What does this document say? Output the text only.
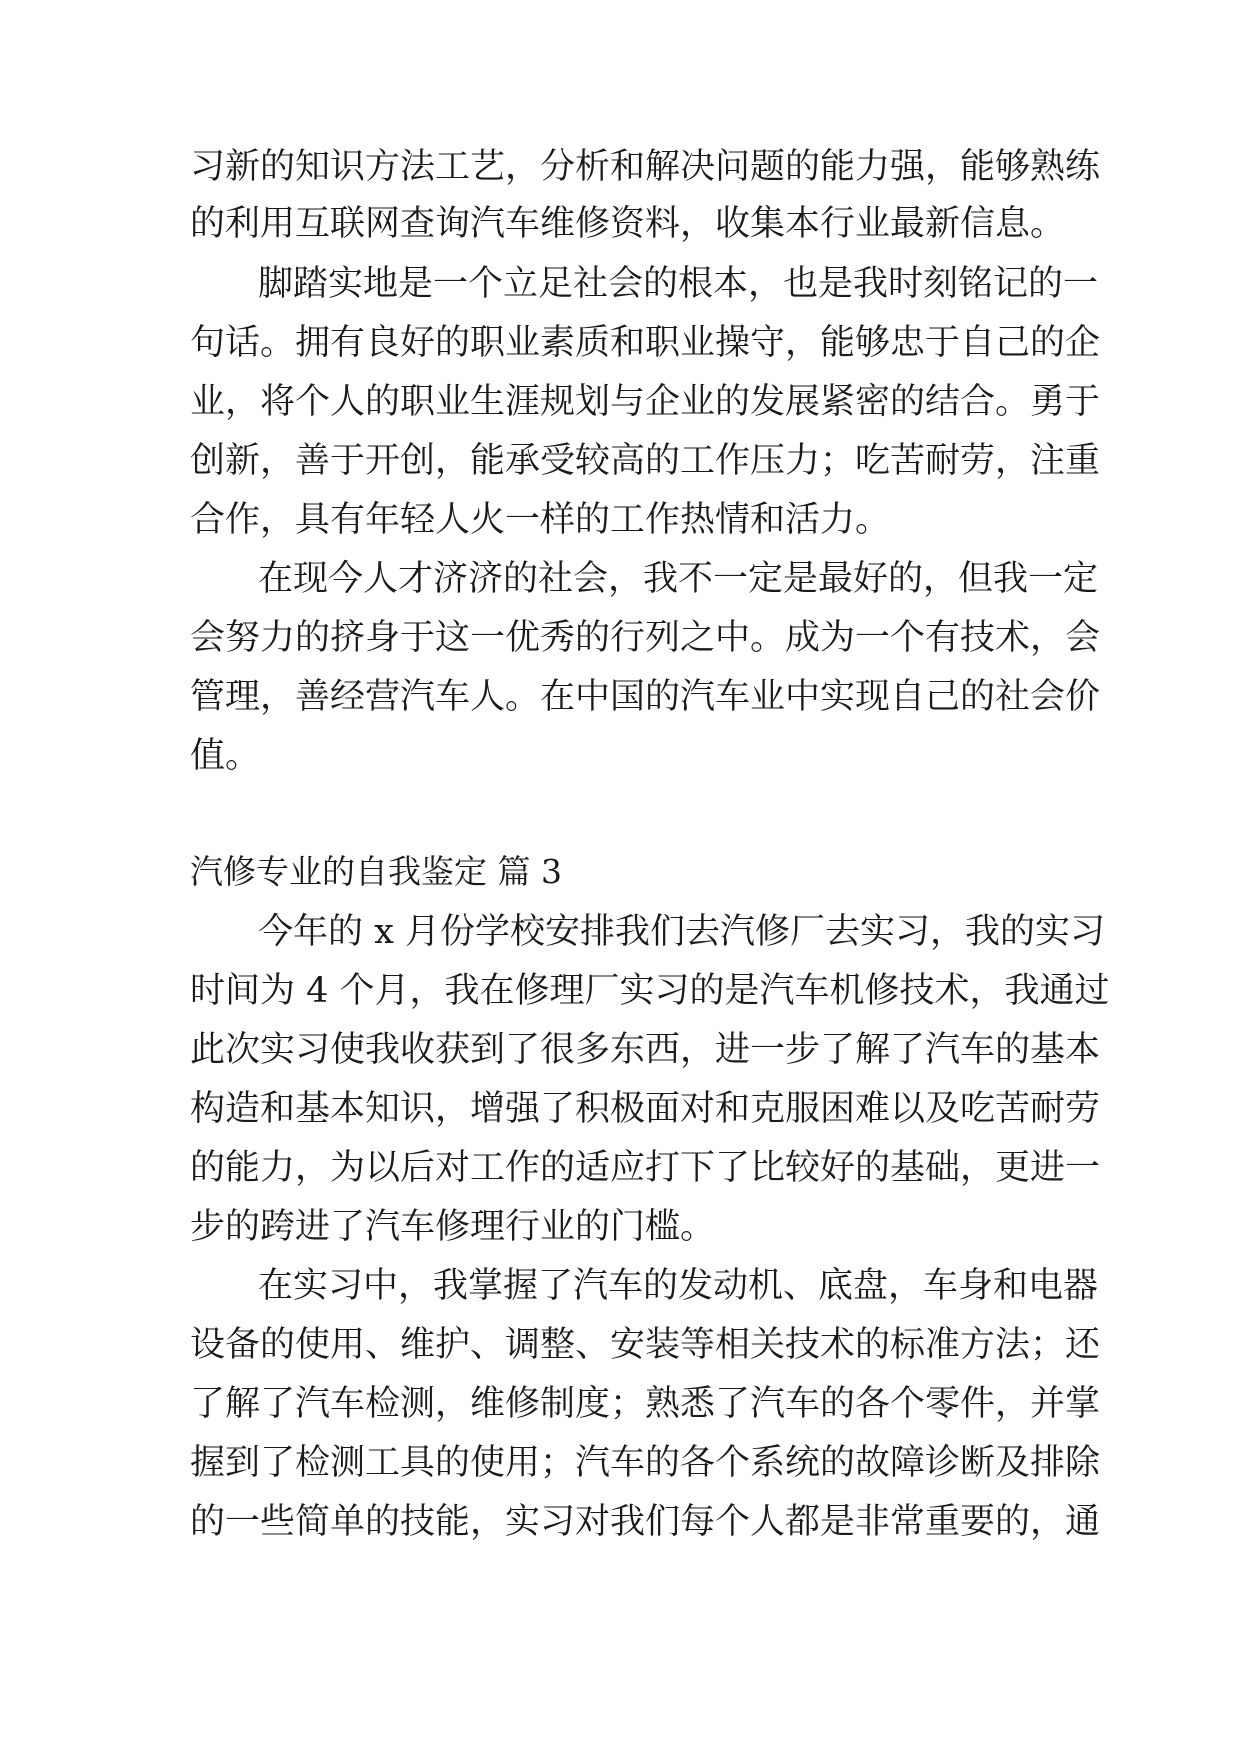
习新的知识方法工艺，分析和解决问题的能力强，能够熟练
的利用互联网查询汽车维修资料，收集本行业最新信息。
脚踏实地是一个立足社会的根本，也是我时刻铭记的一
句话。拥有良好的职业素质和职业操守，能够忠于自己的企
业，将个人的职业生涯规划与企业的发展紧密的结合。勇于
创新，善于开创，能承受较高的工作压力；吃苦耐劳，注重
合作，具有年轻人火一样的工作热情和活力。
在现今人才济济的社会，我不一定是最好的，但我一定
会努力的挤身于这一优秀的行列之中。成为一个有技术，会
管理，善经营汽车人。在中国的汽车业中实现自己的社会价
值。
汽修专业的自我鉴定 篇 3
今年的 x 月份学校安排我们去汽修厂去实习，我的实习
时间为 4 个月，我在修理厂实习的是汽车机修技术，我通过
此次实习使我收获到了很多东西，进一步了解了汽车的基本
构造和基本知识，增强了积极面对和克服困难以及吃苦耐劳
的能力，为以后对工作的适应打下了比较好的基础，更进一
步的跨进了汽车修理行业的门槛。
在实习中，我掌握了汽车的发动机、底盘，车身和电器
设备的使用、维护、调整、安装等相关技术的标准方法；还
了解了汽车检测，维修制度；熟悉了汽车的各个零件，并掌
握到了检测工具的使用；汽车的各个系统的故障诊断及排除
的一些简单的技能，实习对我们每个人都是非常重要的，通
